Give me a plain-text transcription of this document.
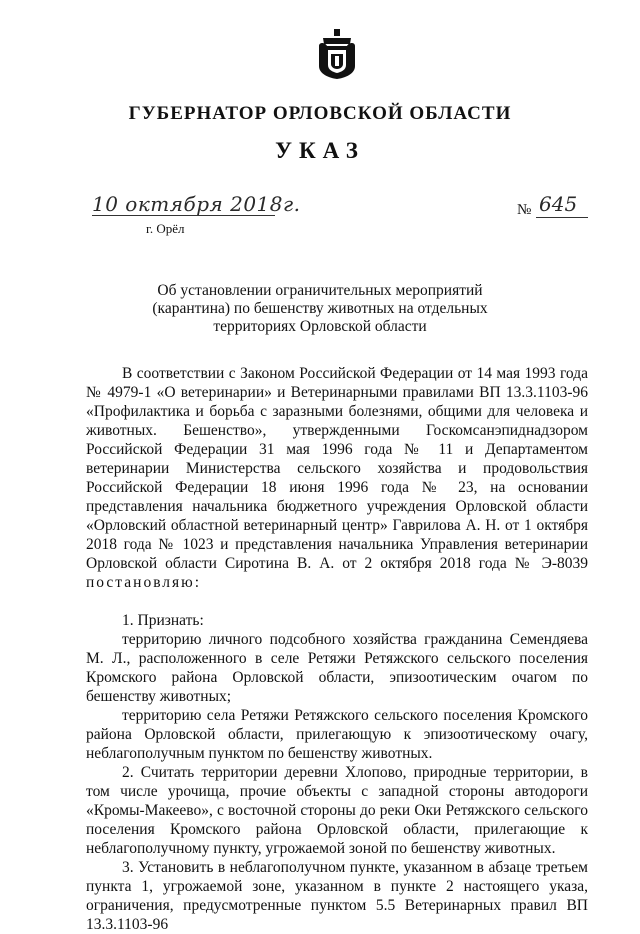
ГУБЕРНАТОР ОРЛОВСКОЙ ОБЛАСТИ
УКАЗ
10 октября 2018г.
г. Орёл
№ 645
Об установлении ограничительных мероприятий (карантина) по бешенству животных на отдельных территориях Орловской области

В соответствии с Законом Российской Федерации от 14 мая 1993 года № 4979-1 «О ветеринарии» и Ветеринарными правилами ВП 13.3.1103-96 «Профилактика и борьба с заразными болезнями, общими для человека и животных. Бешенство», утвержденными Госкомсанэпиднадзором Российской Федерации 31 мая 1996 года № 11 и Департаментом ветеринарии Министерства сельского хозяйства и продовольствия Российской Федерации 18 июня 1996 года № 23, на основании представления начальника бюджетного учреждения Орловской области «Орловский областной ветеринарный центр» Гаврилова А. Н. от 1 октября 2018 года № 1023 и представления начальника Управления ветеринарии Орловской области Сиротина В. А. от 2 октября 2018 года № Э-8039 постановляю:

1. Признать:

территорию личного подсобного хозяйства гражданина Семендяева М. Л., расположенного в селе Ретяжи Ретяжского сельского поселения Кромского района Орловской области, эпизоотическим очагом по бешенству животных;

территорию села Ретяжи Ретяжского сельского поселения Кромского района Орловской области, прилегающую к эпизоотическому очагу, неблагополучным пунктом по бешенству животных.

2. Считать территории деревни Хлопово, природные территории, в том числе урочища, прочие объекты с западной стороны автодороги «Кромы-Макеево», с восточной стороны до реки Оки Ретяжского сельского поселения Кромского района Орловской области, прилегающие к неблагополучному пункту, угрожаемой зоной по бешенству животных.

3. Установить в неблагополучном пункте, указанном в абзаце третьем пункта 1, угрожаемой зоне, указанном в пункте 2 настоящего указа, ограничения, предусмотренные пунктом 5.5 Ветеринарных правил ВП 13.3.1103-96
